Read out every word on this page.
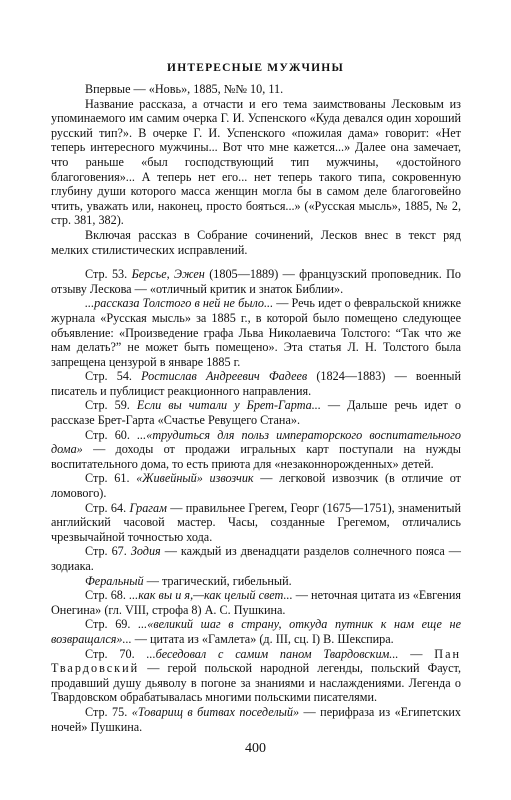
ИНТЕРЕСНЫЕ МУЖЧИНЫ

Впервые — «Новь», 1885, №№ 10, 11.

Название рассказа, а отчасти и его тема заимствованы Лесковым из упоминаемого им самим очерка Г. И. Успенского «Куда девался один хороший русский тип?». В очерке Г. И. Успенского «пожилая дама» говорит: «Нет теперь интересного мужчины... Вот что мне кажется...» Далее она замечает, что раньше «был господствующий тип мужчины, «достойного благоговения»... А теперь нет его... нет теперь такого типа, сокровенную глубину души которого масса женщин могла бы в самом деле благоговейно чтить, уважать или, наконец, просто бояться...» («Русская мысль», 1885, № 2, стр. 381, 382).

Включая рассказ в Собрание сочинений, Лесков внес в текст ряд мелких стилистических исправлений.

Стр. 53. Берсье, Эжен (1805—1889) — французский проповедник. По отзыву Лескова — «отличный критик и знаток Библии».

...рассказа Толстого в ней не было... — Речь идет о февральской книжке журнала «Русская мысль» за 1885 г., в которой было помещено следующее объявление: «Произведение графа Льва Николаевича Толстого: “Так что же нам делать?” не может быть помещено». Эта статья Л. Н. Толстого была запрещена цензурой в январе 1885 г.

Стр. 54. Ростислав Андреевич Фадеев (1824—1883) — военный писатель и публицист реакционного направления.

Стр. 59. Если вы читали у Брет-Гарта... — Дальше речь идет о рассказе Брет-Гарта «Счастье Ревущего Стана».

Стр. 60. ...«трудиться для польз императорского воспитательного дома» — доходы от продажи игральных карт поступали на нужды воспитательного дома, то есть приюта для «незаконнорожденных» детей.

Стр. 61. «Живейный» извозчик — легковой извозчик (в отличие от ломового).

Стр. 64. Грагам — правильнее Грегем, Георг (1675—1751), знаменитый английский часовой мастер. Часы, созданные Грегемом, отличались чрезвычайной точностью хода.

Стр. 67. Зодия — каждый из двенадцати разделов солнечного пояса — зодиака.

Феральный — трагический, гибельный.

Стр. 68. ...как вы и я,—как целый свет... — неточная цитата из «Евгения Онегина» (гл. VIII, строфа 8) А. С. Пушкина.

Стр. 69. ...«великий шаг в страну, откуда путник к нам еще не возвращался»... — цитата из «Гамлета» (д. III, сц. I) В. Шекспира.

Стр. 70. ...беседовал с самим паном Твардовским... — Пан Твардовский — герой польской народной легенды, польский Фауст, продавший душу дьяволу в погоне за знаниями и наслаждениями. Легенда о Твардовском обрабатывалась многими польскими писателями.

Стр. 75. «Товарищ в битвах поседелый» — перифраза из «Египетских ночей» Пушкина.

400
